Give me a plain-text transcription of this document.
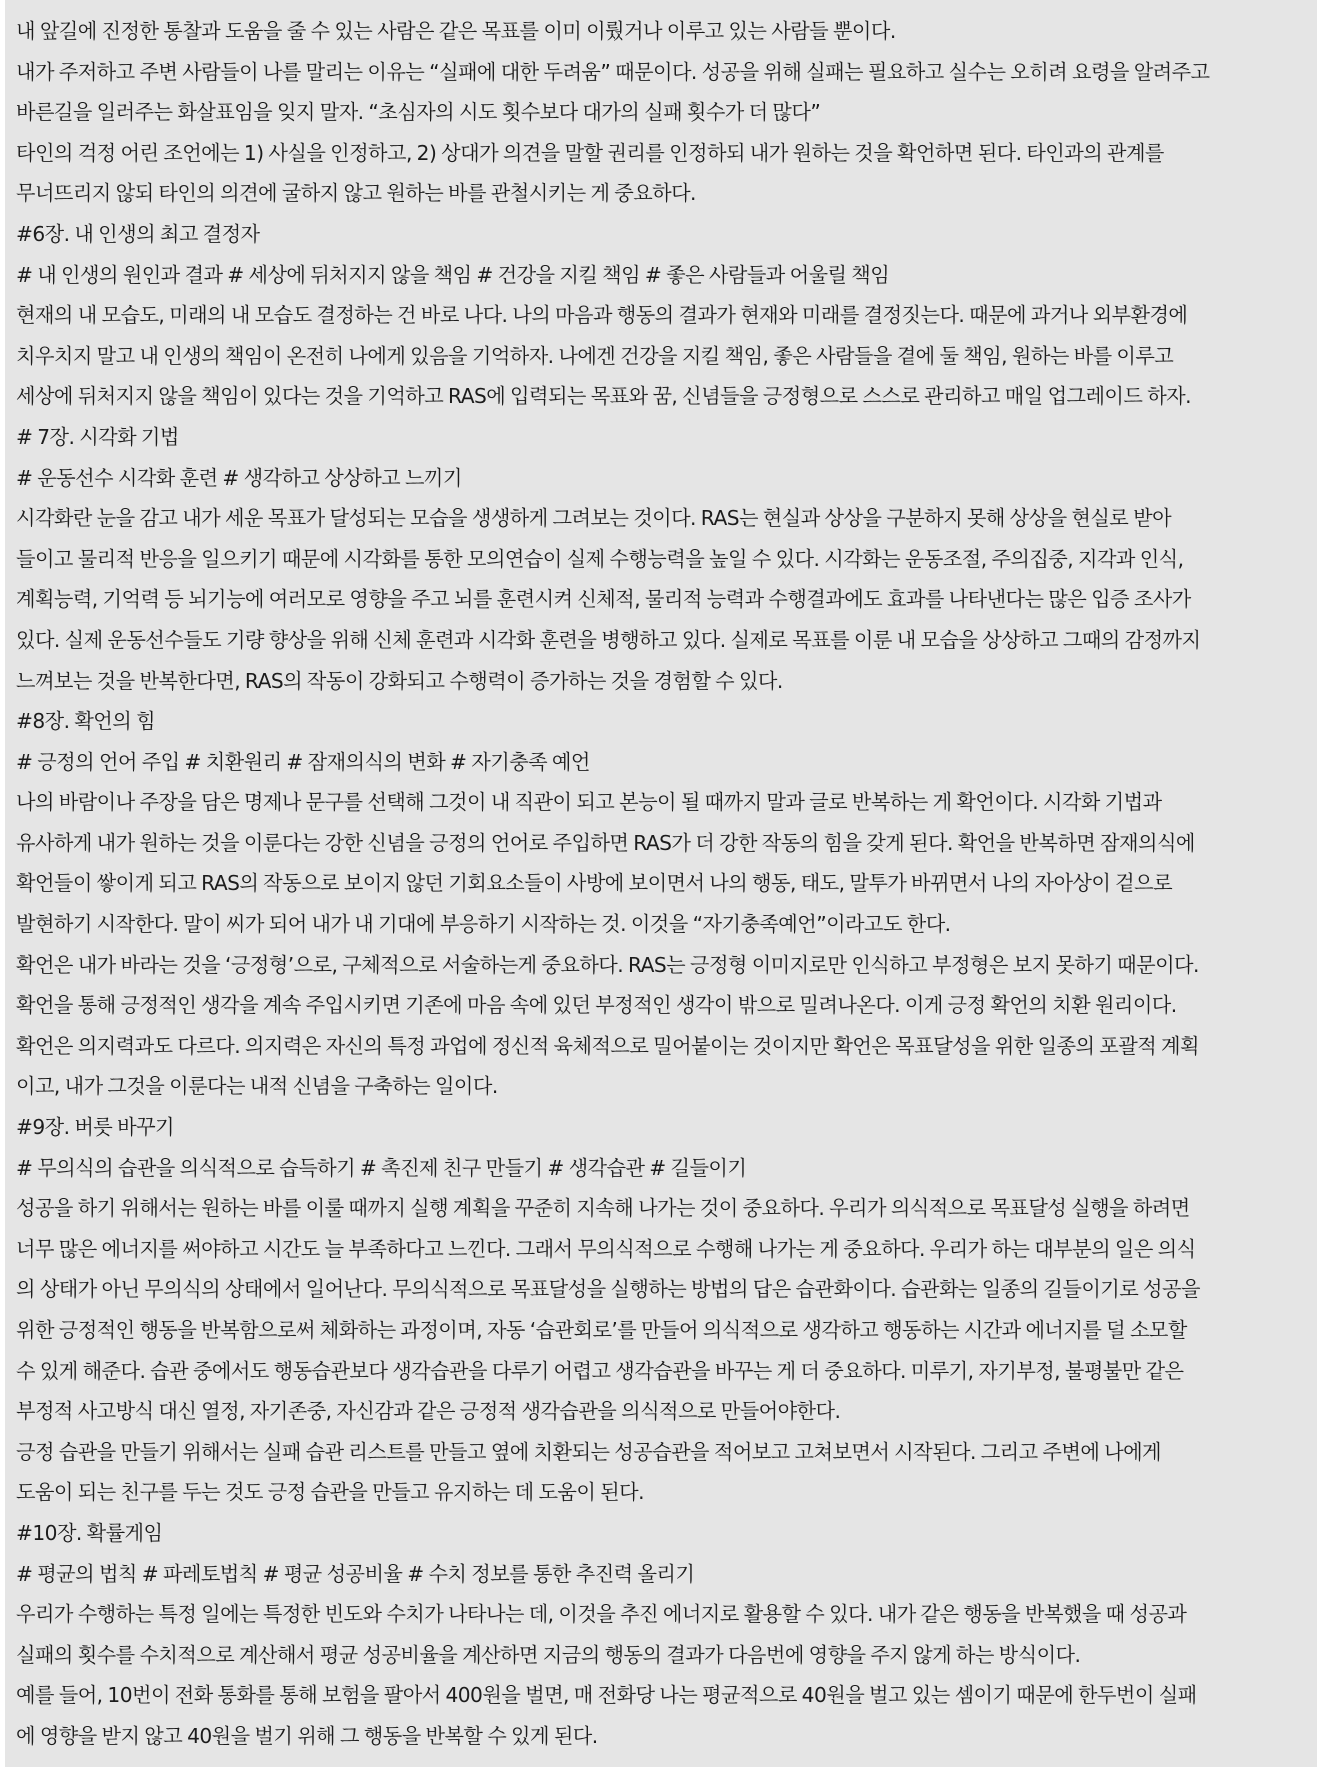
내 앞길에 진정한 통찰과 도움을 줄 수 있는 사람은 같은 목표를 이미 이뤘거나 이루고 있는 사람들 뿐이다.
내가 주저하고 주변 사람들이 나를 말리는 이유는 “실패에 대한 두려움” 때문이다. 성공을 위해 실패는 필요하고 실수는 오히려 요령을 알려주고
바른길을 일러주는 화살표임을 잊지 말자. “초심자의 시도 횟수보다 대가의 실패 횟수가 더 많다”
타인의 걱정 어린 조언에는 1) 사실을 인정하고, 2) 상대가 의견을 말할 권리를 인정하되 내가 원하는 것을 확언하면 된다. 타인과의 관계를
무너뜨리지 않되 타인의 의견에 굴하지 않고 원하는 바를 관철시키는 게 중요하다.
#6장. 내 인생의 최고 결정자
# 내 인생의 원인과 결과 # 세상에 뒤처지지 않을 책임 # 건강을 지킬 책임 # 좋은 사람들과 어울릴 책임
현재의 내 모습도, 미래의 내 모습도 결정하는 건 바로 나다. 나의 마음과 행동의 결과가 현재와 미래를 결정짓는다. 때문에 과거나 외부환경에
치우치지 말고 내 인생의 책임이 온전히 나에게 있음을 기억하자. 나에겐 건강을 지킬 책임, 좋은 사람들을 곁에 둘 책임, 원하는 바를 이루고
세상에 뒤처지지 않을 책임이 있다는 것을 기억하고 RAS에 입력되는 목표와 꿈, 신념들을 긍정형으로 스스로 관리하고 매일 업그레이드 하자.
# 7장. 시각화 기법
# 운동선수 시각화 훈련 # 생각하고 상상하고 느끼기
시각화란 눈을 감고 내가 세운 목표가 달성되는 모습을 생생하게 그려보는 것이다. RAS는 현실과 상상을 구분하지 못해 상상을 현실로 받아
들이고 물리적 반응을 일으키기 때문에 시각화를 통한 모의연습이 실제 수행능력을 높일 수 있다. 시각화는 운동조절, 주의집중, 지각과 인식,
계획능력, 기억력 등 뇌기능에 여러모로 영향을 주고 뇌를 훈련시켜 신체적, 물리적 능력과 수행결과에도 효과를 나타낸다는 많은 입증 조사가
있다. 실제 운동선수들도 기량 향상을 위해 신체 훈련과 시각화 훈련을 병행하고 있다. 실제로 목표를 이룬 내 모습을 상상하고 그때의 감정까지
느껴보는 것을 반복한다면, RAS의 작동이 강화되고 수행력이 증가하는 것을 경험할 수 있다.
#8장. 확언의 힘
# 긍정의 언어 주입 # 치환원리 # 잠재의식의 변화 # 자기충족 예언
나의 바람이나 주장을 담은 명제나 문구를 선택해 그것이 내 직관이 되고 본능이 될 때까지 말과 글로 반복하는 게 확언이다. 시각화 기법과
유사하게 내가 원하는 것을 이룬다는 강한 신념을 긍정의 언어로 주입하면 RAS가 더 강한 작동의 힘을 갖게 된다. 확언을 반복하면 잠재의식에
확언들이 쌓이게 되고 RAS의 작동으로 보이지 않던 기회요소들이 사방에 보이면서 나의 행동, 태도, 말투가 바뀌면서 나의 자아상이 겉으로
발현하기 시작한다. 말이 씨가 되어 내가 내 기대에 부응하기 시작하는 것. 이것을 “자기충족예언”이라고도 한다.
확언은 내가 바라는 것을 ‘긍정형’으로, 구체적으로 서술하는게 중요하다. RAS는 긍정형 이미지로만 인식하고 부정형은 보지 못하기 때문이다.
확언을 통해 긍정적인 생각을 계속 주입시키면 기존에 마음 속에 있던 부정적인 생각이 밖으로 밀려나온다. 이게 긍정 확언의 치환 원리이다.
확언은 의지력과도 다르다. 의지력은 자신의 특정 과업에 정신적 육체적으로 밀어붙이는 것이지만 확언은 목표달성을 위한 일종의 포괄적 계획
이고, 내가 그것을 이룬다는 내적 신념을 구축하는 일이다.
#9장. 버릇 바꾸기
# 무의식의 습관을 의식적으로 습득하기 # 촉진제 친구 만들기 # 생각습관 # 길들이기
성공을 하기 위해서는 원하는 바를 이룰 때까지 실행 계획을 꾸준히 지속해 나가는 것이 중요하다. 우리가 의식적으로 목표달성 실행을 하려면
너무 많은 에너지를 써야하고 시간도 늘 부족하다고 느낀다. 그래서 무의식적으로 수행해 나가는 게 중요하다. 우리가 하는 대부분의 일은 의식
의 상태가 아닌 무의식의 상태에서 일어난다. 무의식적으로 목표달성을 실행하는 방법의 답은 습관화이다. 습관화는 일종의 길들이기로 성공을
위한 긍정적인 행동을 반복함으로써 체화하는 과정이며, 자동 ‘습관회로’를 만들어 의식적으로 생각하고 행동하는 시간과 에너지를 덜 소모할
수 있게 해준다. 습관 중에서도 행동습관보다 생각습관을 다루기 어렵고 생각습관을 바꾸는 게 더 중요하다. 미루기, 자기부정, 불평불만 같은
부정적 사고방식 대신 열정, 자기존중, 자신감과 같은 긍정적 생각습관을 의식적으로 만들어야한다.
긍정 습관을 만들기 위해서는 실패 습관 리스트를 만들고 옆에 치환되는 성공습관을 적어보고 고쳐보면서 시작된다. 그리고 주변에 나에게
도움이 되는 친구를 두는 것도 긍정 습관을 만들고 유지하는 데 도움이 된다.
#10장. 확률게임
# 평균의 법칙 # 파레토법칙 # 평균 성공비율 # 수치 정보를 통한 추진력 올리기
우리가 수행하는 특정 일에는 특정한 빈도와 수치가 나타나는 데, 이것을 추진 에너지로 활용할 수 있다. 내가 같은 행동을 반복했을 때 성공과
실패의 횟수를 수치적으로 계산해서 평균 성공비율을 계산하면 지금의 행동의 결과가 다음번에 영향을 주지 않게 하는 방식이다.
예를 들어, 10번이 전화 통화를 통해 보험을 팔아서 400원을 벌면, 매 전화당 나는 평균적으로 40원을 벌고 있는 셈이기 때문에 한두번이 실패
에 영향을 받지 않고 40원을 벌기 위해 그 행동을 반복할 수 있게 된다.
